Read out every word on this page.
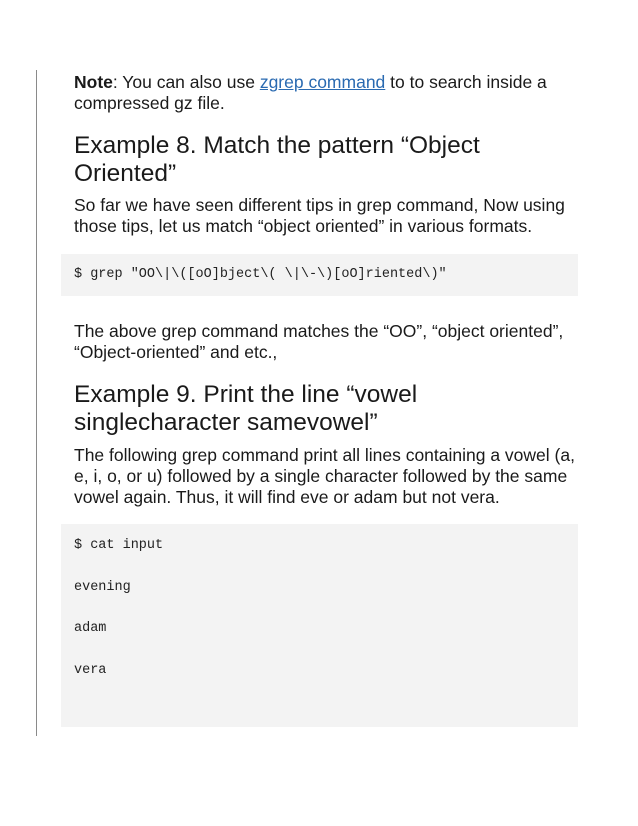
Note: You can also use zgrep command to to search inside a compressed gz file.

Example 8. Match the pattern “Object Oriented”

So far we have seen different tips in grep command, Now using those tips, let us match “object oriented” in various formats.

$ grep "OO\|\([oO]bject\( \|\-\)[oO]riented\)"

The above grep command matches the “OO”, “object oriented”, “Object-oriented” and etc.,

Example 9. Print the line “vowel singlecharacter samevowel”

The following grep command print all lines containing a vowel (a, e, i, o, or u) followed by a single character followed by the same vowel again. Thus, it will find eve or adam but not vera.

$ cat input
evening
adam
vera
